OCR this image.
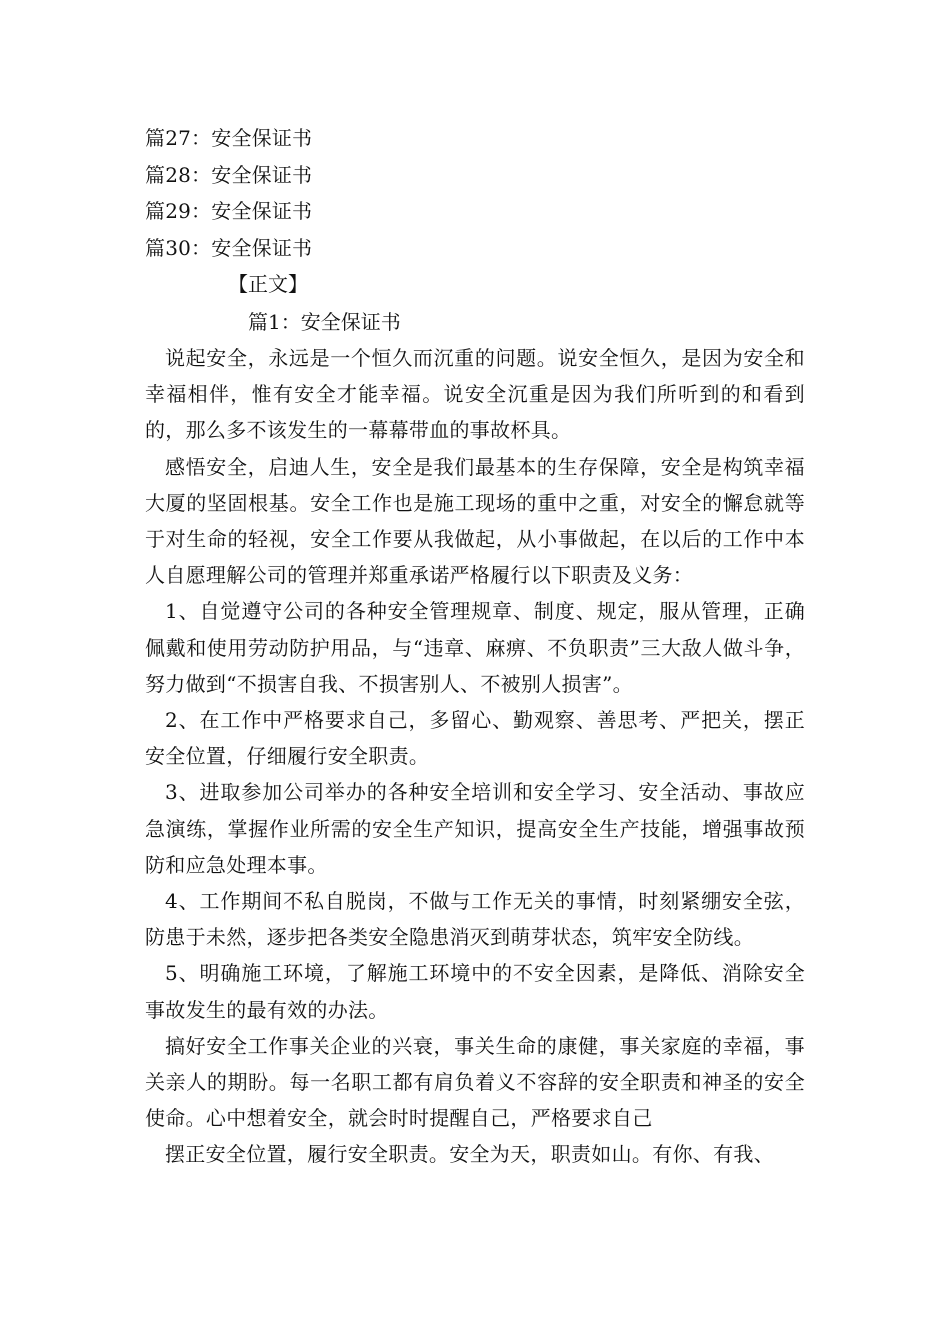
篇27：安全保证书
篇28：安全保证书
篇29：安全保证书
篇30：安全保证书
【正文】
篇1：安全保证书

说起安全，永远是一个恒久而沉重的问题。说安全恒久，是因为安全和幸福相伴，惟有安全才能幸福。说安全沉重是因为我们所听到的和看到的，那么多不该发生的一幕幕带血的事故杯具。

感悟安全，启迪人生，安全是我们最基本的生存保障，安全是构筑幸福大厦的坚固根基。安全工作也是施工现场的重中之重，对安全的懈怠就等于对生命的轻视，安全工作要从我做起，从小事做起，在以后的工作中本人自愿理解公司的管理并郑重承诺严格履行以下职责及义务：

1、自觉遵守公司的各种安全管理规章、制度、规定，服从管理，正确佩戴和使用劳动防护用品，与“违章、麻痹、不负职责”三大敌人做斗争，努力做到“不损害自我、不损害别人、不被别人损害”。

2、在工作中严格要求自己，多留心、勤观察、善思考、严把关，摆正安全位置，仔细履行安全职责。

3、进取参加公司举办的各种安全培训和安全学习、安全活动、事故应急演练，掌握作业所需的安全生产知识，提高安全生产技能，增强事故预防和应急处理本事。

4、工作期间不私自脱岗，不做与工作无关的事情，时刻紧绷安全弦，防患于未然，逐步把各类安全隐患消灭到萌芽状态，筑牢安全防线。

5、明确施工环境，了解施工环境中的不安全因素，是降低、消除安全事故发生的最有效的办法。

搞好安全工作事关企业的兴衰，事关生命的康健，事关家庭的幸福，事关亲人的期盼。每一名职工都有肩负着义不容辞的安全职责和神圣的安全使命。心中想着安全，就会时时提醒自己，严格要求自己

摆正安全位置，履行安全职责。安全为天，职责如山。有你、有我、
